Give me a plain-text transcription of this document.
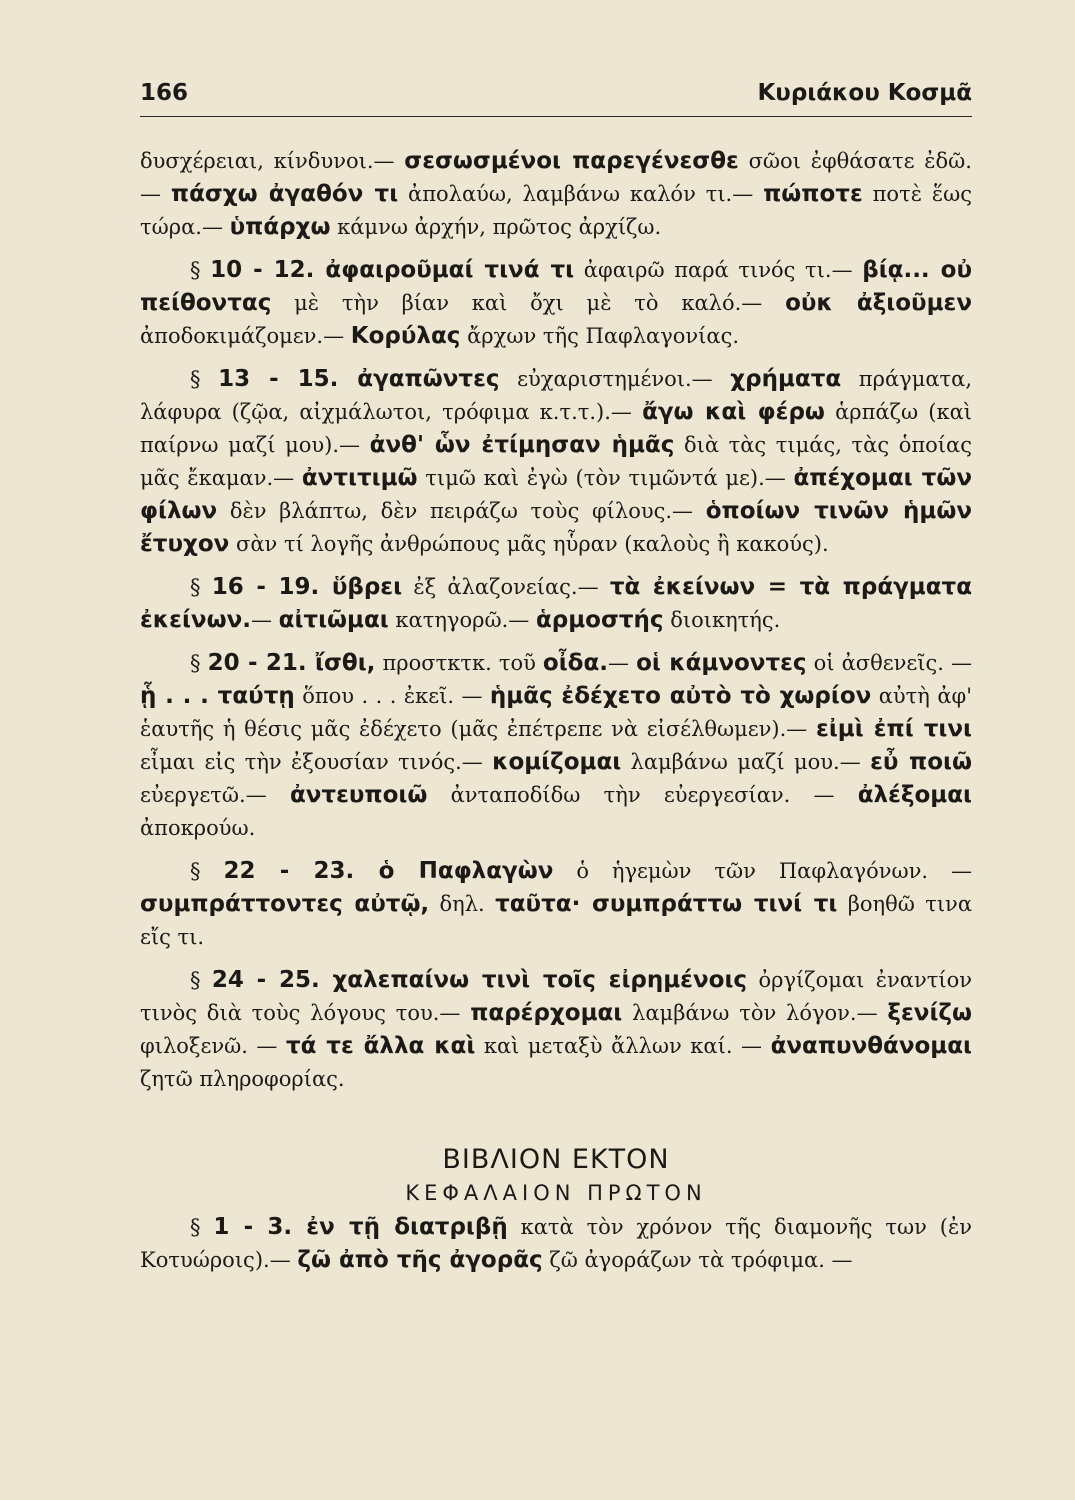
166	Κυριάκου Κοσμᾶ

δυσχέρειαι, κίνδυνοι.— σεσωσμένοι παρεγένεσθε σῶοι ἐφθάσατε ἐδῶ.— πάσχω ἀγαθόν τι ἀπολαύω, λαμβάνω καλόν τι.— πώποτε ποτὲ ἕως τώρα.— ὑπάρχω κάμνω ἀρχήν, πρῶτος ἀρχίζω.

§ 10 - 12. ἀφαιροῦμαί τινά τι ἀφαιρῶ παρά τινός τι.— βίᾳ... οὐ πείθοντας μὲ τὴν βίαν καὶ ὄχι μὲ τὸ καλό.— οὐκ ἀξιοῦμεν ἀποδοκιμάζομεν.— Κορύλας ἄρχων τῆς Παφλαγονίας.

§ 13 - 15. ἀγαπῶντες εὐχαριστημένοι.— χρήματα πράγματα, λάφυρα (ζῷα, αἰχμάλωτοι, τρόφιμα κ.τ.τ.).— ἄγω καὶ φέρω ἁρπάζω (καὶ παίρνω μαζί μου).— ἀνθ' ὧν ἐτίμησαν ἡμᾶς διὰ τὰς τιμάς, τὰς ὁποίας μᾶς ἔκαμαν.— ἀντιτιμῶ τιμῶ καὶ ἐγὼ (τὸν τιμῶντά με).— ἀπέχομαι τῶν φίλων δὲν βλάπτω, δὲν πειράζω τοὺς φίλους.— ὁποίων τινῶν ἡμῶν ἔτυχον σὰν τί λογῆς ἀνθρώπους μᾶς ηὗραν (καλοὺς ἢ κακούς).

§ 16 - 19. ὕβρει ἐξ ἀλαζονείας.— τὰ ἐκείνων = τὰ πράγματα ἐκείνων.— αἰτιῶμαι κατηγορῶ.— ἁρμοστής διοικητής.

§ 20 - 21. ἴσθι, προστκτκ. τοῦ οἶδα.— οἱ κάμνοντες οἱ ἀσθενεῖς. — ᾗ . . . ταύτῃ ὅπου . . . ἐκεῖ. — ἡμᾶς ἐδέχετο αὐτὸ τὸ χωρίον αὐτὴ ἀφ' ἑαυτῆς ἡ θέσις μᾶς ἐδέχετο (μᾶς ἐπέτρεπε νὰ εἰσέλθωμεν).— εἰμὶ ἐπί τινι εἶμαι εἰς τὴν ἐξουσίαν τινός.— κομίζομαι λαμβάνω μαζί μου.— εὖ ποιῶ εὐεργετῶ.— ἀντευποιῶ ἀνταποδίδω τὴν εὐεργεσίαν. — ἀλέξομαι ἀποκρούω.

§ 22 - 23. ὁ Παφλαγὼν ὁ ἡγεμὼν τῶν Παφλαγόνων. — συμπράττοντες αὐτῷ, δηλ. ταῦτα· συμπράττω τινί τι βοηθῶ τινα εἴς τι.

§ 24 - 25. χαλεπαίνω τινὶ τοῖς εἰρημένοις ὀργίζομαι ἐναντίον τινὸς διὰ τοὺς λόγους του.— παρέρχομαι λαμβάνω τὸν λόγον.— ξενίζω φιλοξενῶ. — τά τε ἄλλα καὶ καὶ μεταξὺ ἄλλων καί. — ἀναπυνθάνομαι ζητῶ πληροφορίας.

ΒΙΒΛΙΟΝ ΕΚΤΟΝ
ΚΕΦΑΛΑΙΟΝ ΠΡΩΤΟΝ

§ 1 - 3. ἐν τῇ διατριβῇ κατὰ τὸν χρόνον τῆς διαμονῆς των (ἐν Κοτυώροις).— ζῶ ἀπὸ τῆς ἀγορᾶς ζῶ ἀγοράζων τὰ τρόφιμα. —
